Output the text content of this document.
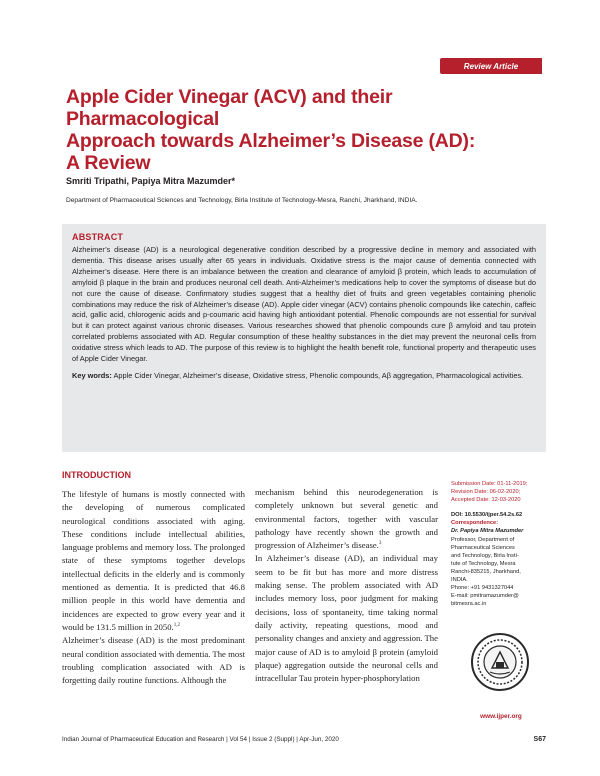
Review Article
Apple Cider Vinegar (ACV) and their Pharmacological
Approach towards Alzheimer’s Disease (AD):
A Review
Smriti Tripathi, Papiya Mitra Mazumder*
Department of Pharmaceutical Sciences and Technology, Birla Institute of Technology-Mesra, Ranchi, Jharkhand, INDIA.
ABSTRACT
Alzheimer’s disease (AD) is a neurological degenerative condition described by a progressive decline in memory and associated with dementia. This disease arises usually after 65 years in individuals. Oxidative stress is the major cause of dementia connected with Alzheimer’s disease. Here there is an imbalance between the creation and clearance of amyloid β protein, which leads to accumulation of amyloid β plaque in the brain and produces neuronal cell death. Anti-Alzheimer’s medications help to cover the symptoms of disease but do not cure the cause of disease. Confirmatory studies suggest that a healthy diet of fruits and green vegetables containing phenolic combinations may reduce the risk of Alzheimer’s disease (AD). Apple cider vinegar (ACV) contains phenolic compounds like catechin, caffeic acid, gallic acid, chlorogenic acids and p-coumaric acid having high antioxidant potential. Phenolic compounds are not essential for survival but it can protect against various chronic diseases. Various researches showed that phenolic compounds cure β amyloid and tau protein correlated problems associated with AD. Regular consumption of these healthy substances in the diet may prevent the neuronal cells from oxidative stress which leads to AD. The purpose of this review is to highlight the health benefit role, functional property and therapeutic uses of Apple Cider Vinegar.
Key words: Apple Cider Vinegar, Alzheimer’s disease, Oxidative stress, Phenolic compounds, Aβ aggregation, Pharmacological activities.
INTRODUCTION

The lifestyle of humans is mostly connected with the developing of numerous complicated neurological conditions associated with aging. These conditions include intellectual abilities, language problems and memory loss. The prolonged state of these symptoms together develops intellectual deficits in the elderly and is commonly mentioned as dementia. It is predicted that 46.8 million people in this world have dementia and incidences are expected to grow every year and it would be 131.5 million in 2050.$^{1,2}$

Alzheimer’s disease (AD) is the most predominant neural condition associated with dementia. The most troubling complication associated with AD is forgetting daily routine functions. Although the

mechanism behind this neurodegeneration is completely unknown but several genetic and environmental factors, together with vascular pathology have recently shown the growth and progression of Alzheimer’s disease.$^3$

In Alzheimer’s disease (AD), an individual may seem to be fit but has more and more distress making sense. The problem associated with AD includes memory loss, poor judgment for making decisions, loss of spontaneity, time taking normal daily activity, repeating questions, mood and personality changes and anxiety and aggression. The major cause of AD is to amyloid β protein (amyloid plaque) aggregation outside the neuronal cells and intracellular Tau protein hyper-phosphorylation

Submission Date: 01-11-2019;
Revision Date: 06-02-2020;
Accepted Date: 12-03-2020
DOI: 10.5530/ijper.54.2s.62
Correspondence:
Dr. Papiya Mitra Mazumder
Professor, Department of
Pharmaceutical Sciences
and Technology, Birla Insti-
tute of Technology, Mesra
Ranchi-835215, Jharkhand,
INDIA.
Phone: +91 9431327044
E-mail: pmitramazumder@
bitmesra.ac.in
www.ijper.org
Indian Journal of Pharmaceutical Education and Research | Vol 54 | Issue 2 (Suppl) | Apr-Jun, 2020	S67
